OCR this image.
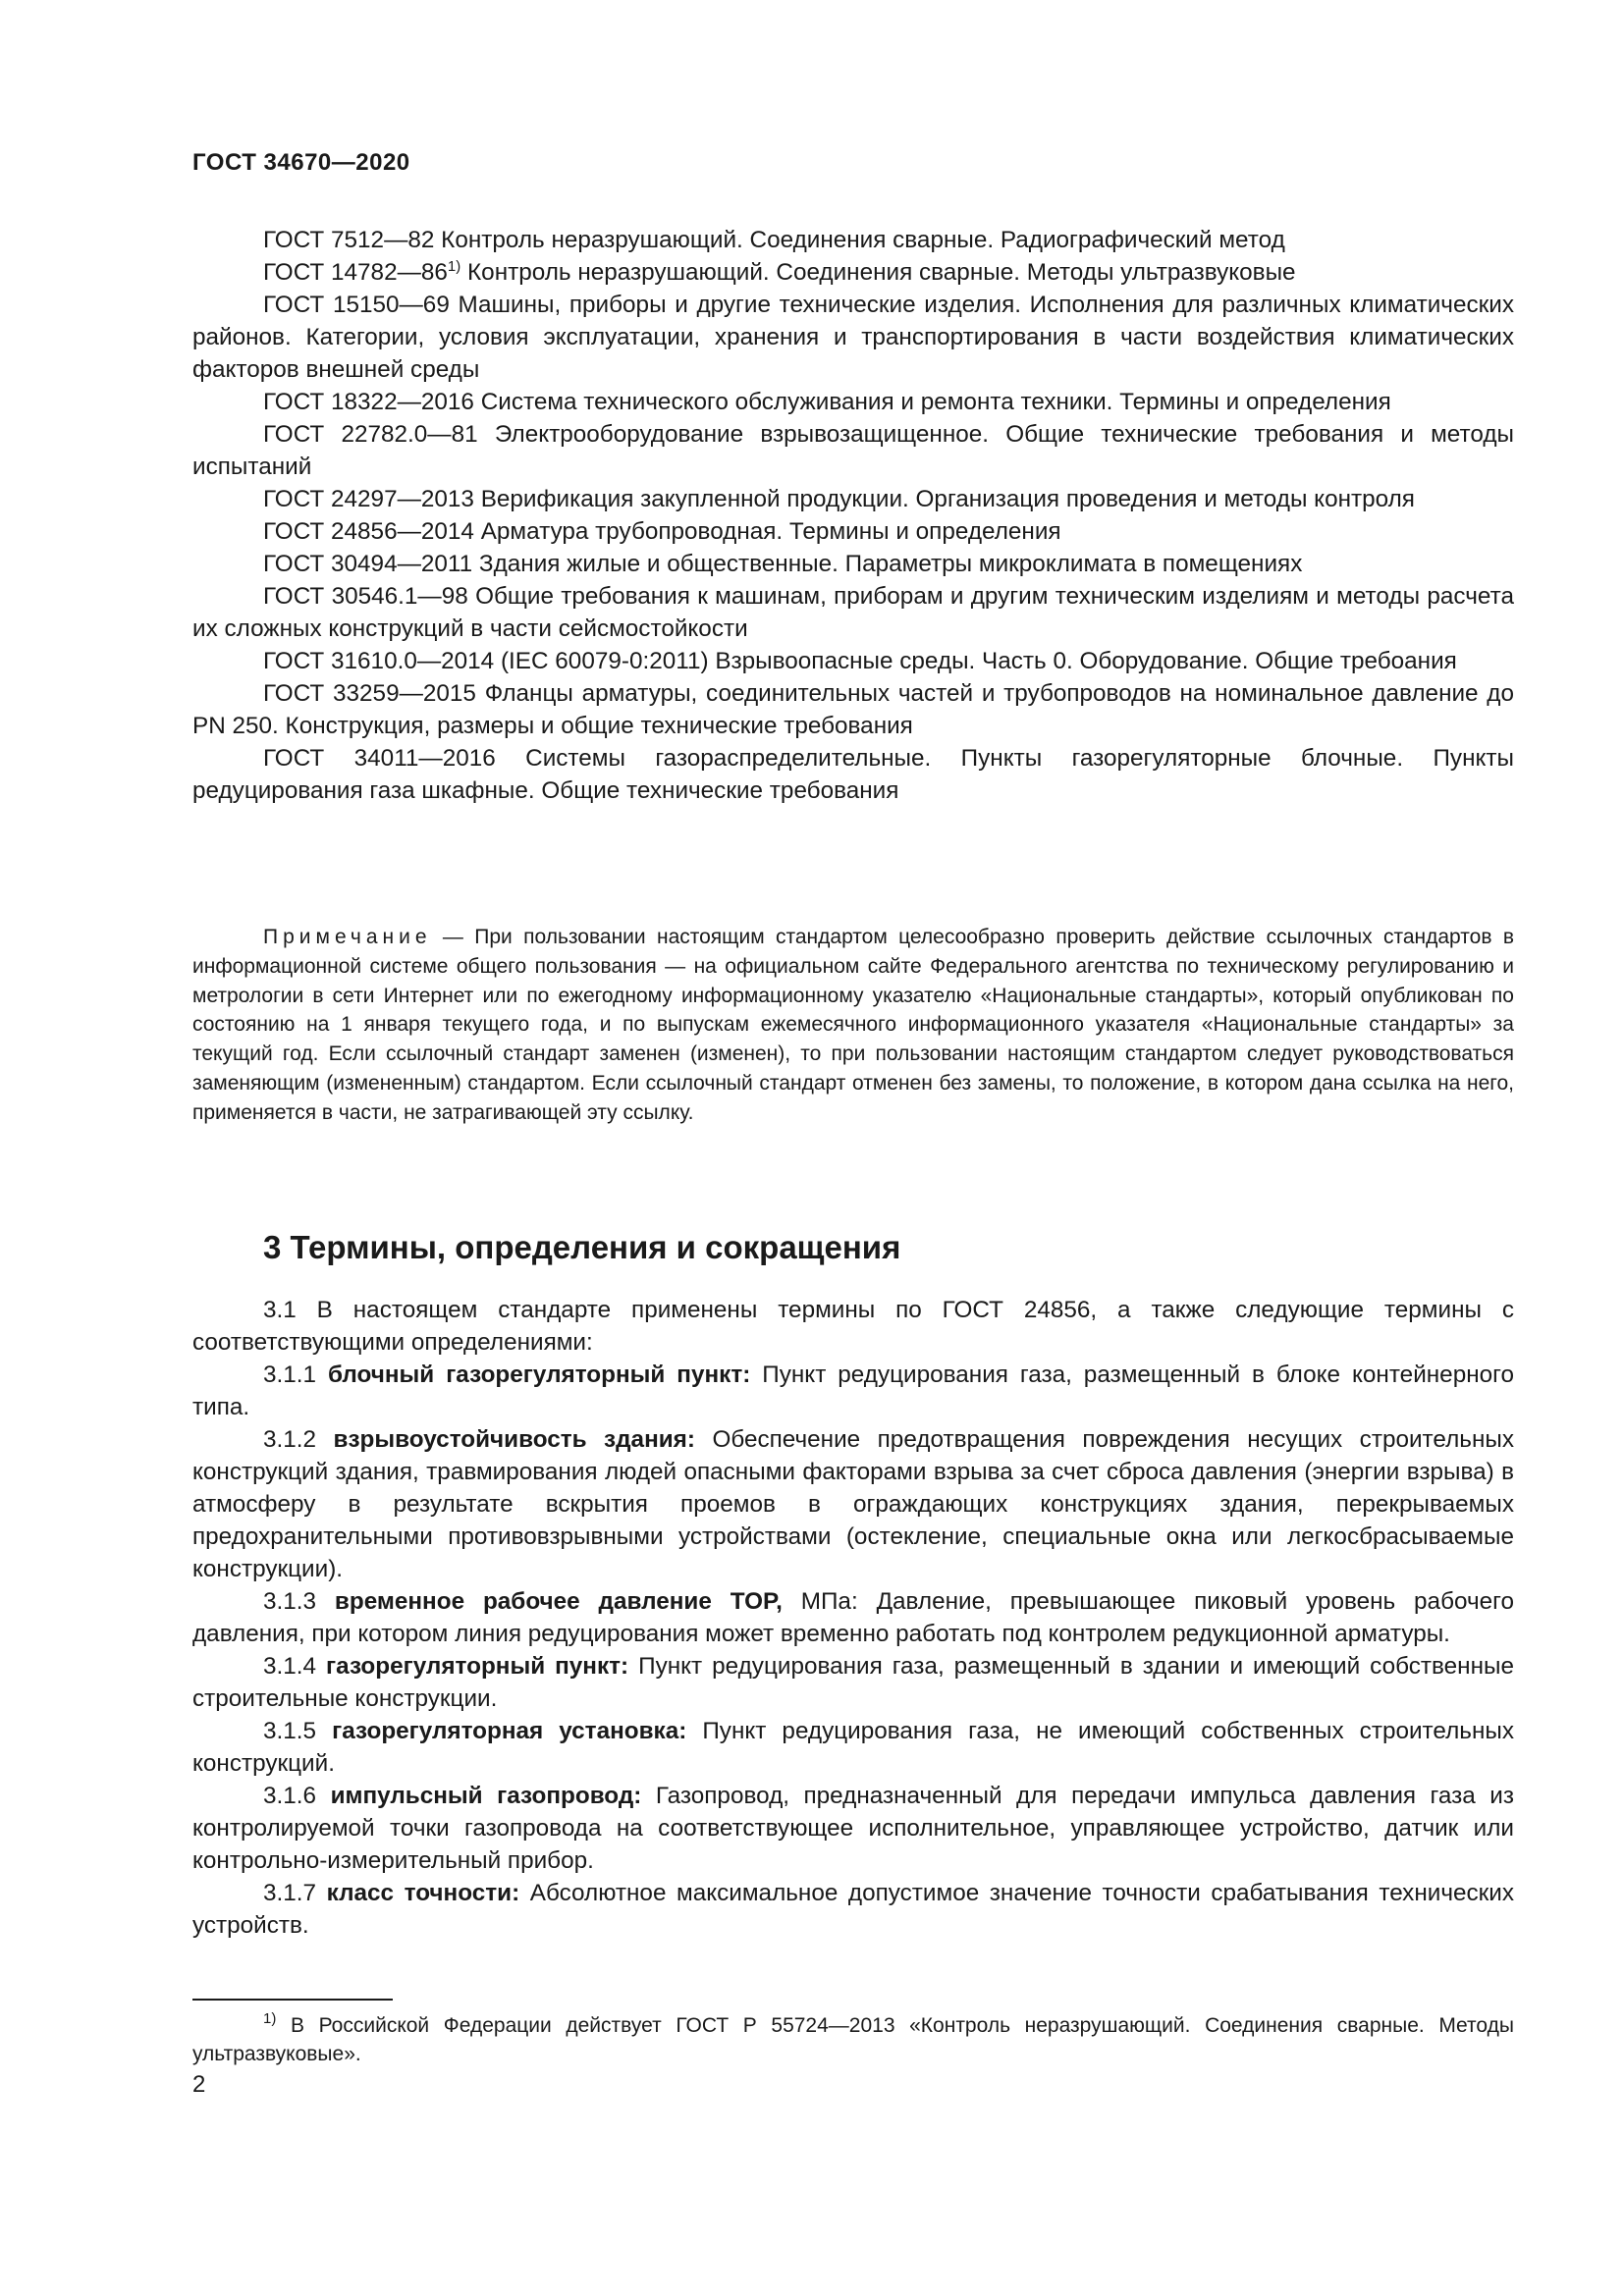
ГОСТ 34670—2020

ГОСТ 7512—82 Контроль неразрушающий. Соединения сварные. Радиографический метод

ГОСТ 14782—86$^{1)}$ Контроль неразрушающий. Соединения сварные. Методы ультразвуковые

ГОСТ 15150—69 Машины, приборы и другие технические изделия. Исполнения для различных климатических районов. Категории, условия эксплуатации, хранения и транспортирования в части воздействия климатических факторов внешней среды

ГОСТ 18322—2016 Система технического обслуживания и ремонта техники. Термины и определения

ГОСТ 22782.0—81 Электрооборудование взрывозащищенное. Общие технические требования и методы испытаний

ГОСТ 24297—2013 Верификация закупленной продукции. Организация проведения и методы контроля

ГОСТ 24856—2014 Арматура трубопроводная. Термины и определения

ГОСТ 30494—2011 Здания жилые и общественные. Параметры микроклимата в помещениях

ГОСТ 30546.1—98 Общие требования к машинам, приборам и другим техническим изделиям и методы расчета их сложных конструкций в части сейсмостойкости

ГОСТ 31610.0—2014 (IEC 60079-0:2011) Взрывоопасные среды. Часть 0. Оборудование. Общие требоания

ГОСТ 33259—2015 Фланцы арматуры, соединительных частей и трубопроводов на номинальное давление до PN 250. Конструкция, размеры и общие технические требования

ГОСТ 34011—2016 Системы газораспределительные. Пункты газорегуляторные блочные. Пункты редуцирования газа шкафные. Общие технические требования

Примечание — При пользовании настоящим стандартом целесообразно проверить действие ссылочных стандартов в информационной системе общего пользования — на официальном сайте Федерального агентства по техническому регулированию и метрологии в сети Интернет или по ежегодному информационному указателю «Национальные стандарты», который опубликован по состоянию на 1 января текущего года, и по выпускам ежемесячного информационного указателя «Национальные стандарты» за текущий год. Если ссылочный стандарт заменен (изменен), то при пользовании настоящим стандартом следует руководствоваться заменяющим (измененным) стандартом. Если ссылочный стандарт отменен без замены, то положение, в котором дана ссылка на него, применяется в части, не затрагивающей эту ссылку.

3 Термины, определения и сокращения

3.1 В настоящем стандарте применены термины по ГОСТ 24856, а также следующие термины с соответствующими определениями:

3.1.1 блочный газорегуляторный пункт: Пункт редуцирования газа, размещенный в блоке контейнерного типа.

3.1.2 взрывоустойчивость здания: Обеспечение предотвращения повреждения несущих строительных конструкций здания, травмирования людей опасными факторами взрыва за счет сброса давления (энергии взрыва) в атмосферу в результате вскрытия проемов в ограждающих конструкциях здания, перекрываемых предохранительными противовзрывными устройствами (остекление, специальные окна или легкосбрасываемые конструкции).

3.1.3 временное рабочее давление TOP, МПа: Давление, превышающее пиковый уровень рабочего давления, при котором линия редуцирования может временно работать под контролем редукционной арматуры.

3.1.4 газорегуляторный пункт: Пункт редуцирования газа, размещенный в здании и имеющий собственные строительные конструкции.

3.1.5 газорегуляторная установка: Пункт редуцирования газа, не имеющий собственных строительных конструкций.

3.1.6 импульсный газопровод: Газопровод, предназначенный для передачи импульса давления газа из контролируемой точки газопровода на соответствующее исполнительное, управляющее устройство, датчик или контрольно-измерительный прибор.

3.1.7 класс точности: Абсолютное максимальное допустимое значение точности срабатывания технических устройств.

$^{1)}$ В Российской Федерации действует ГОСТ Р 55724—2013 «Контроль неразрушающий. Соединения сварные. Методы ультразвуковые».

2
